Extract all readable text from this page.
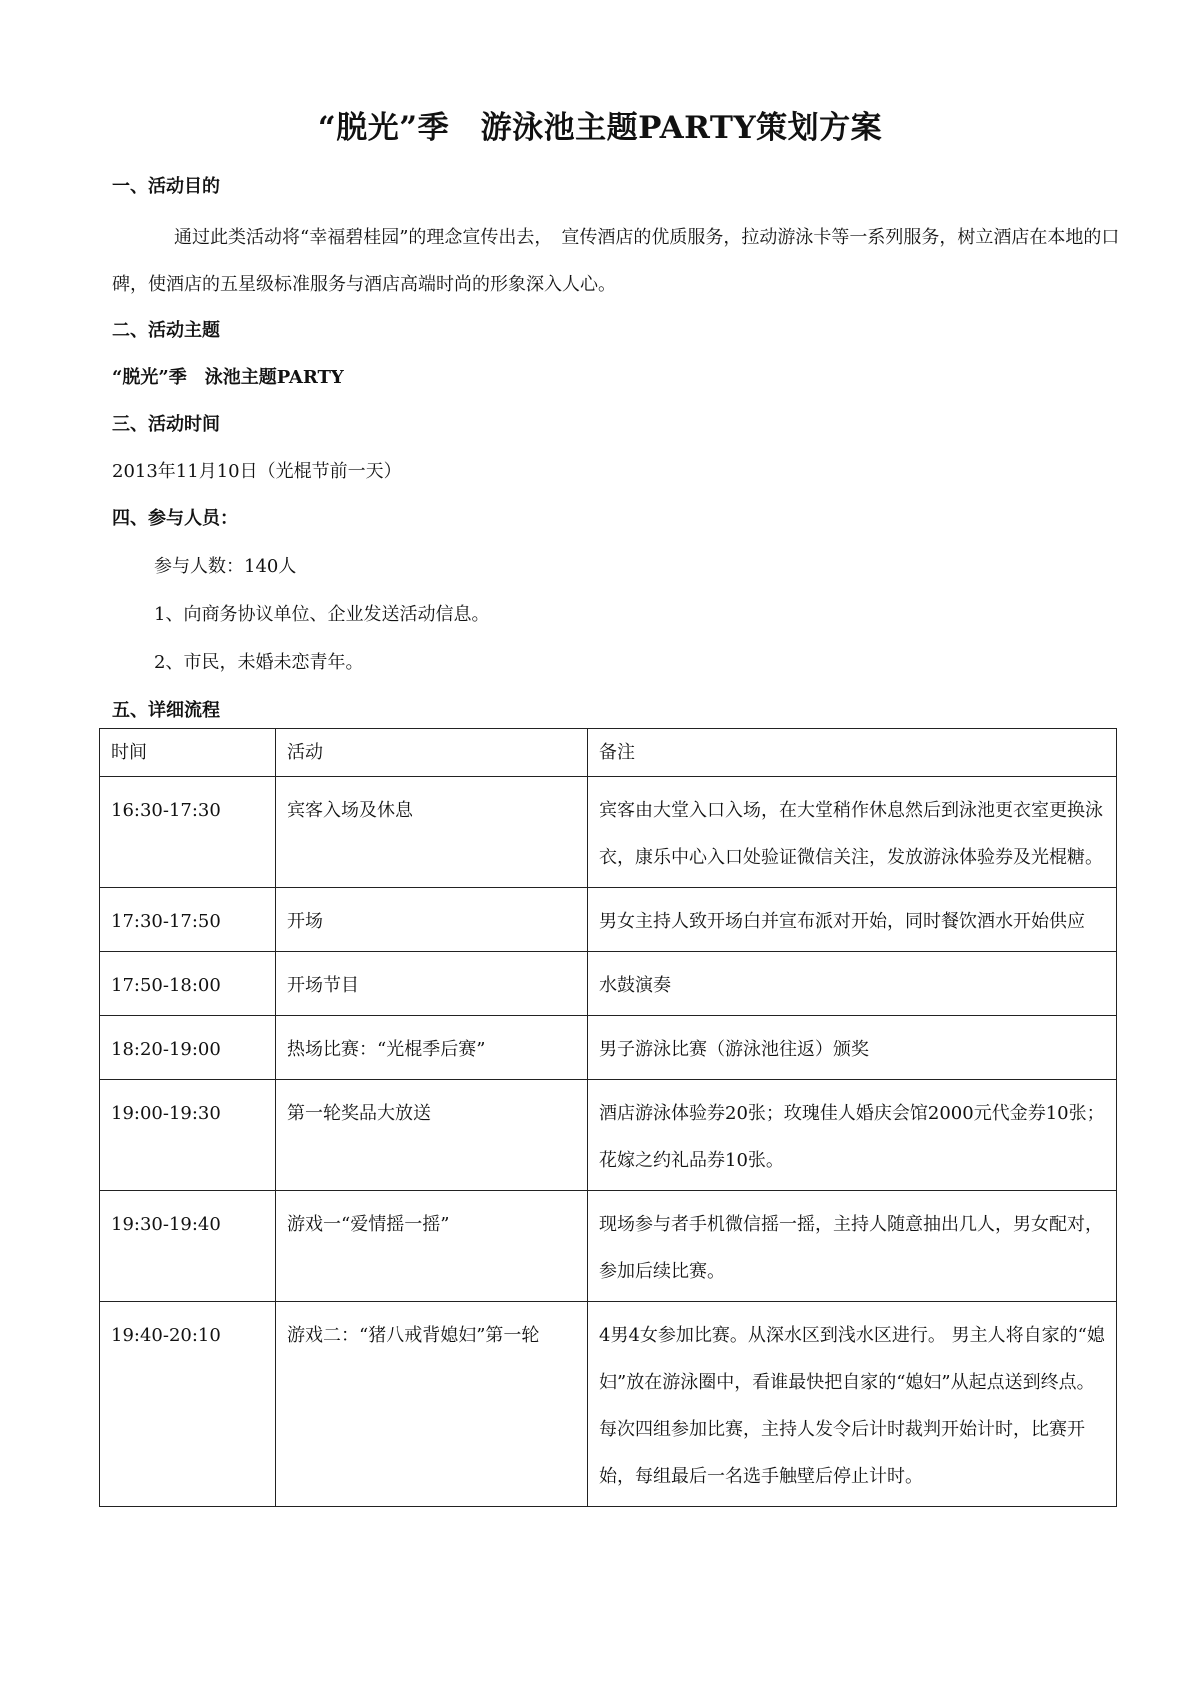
“脱光”季　游泳池主题PARTY策划方案
一、活动目的
通过此类活动将“幸福碧桂园”的理念宣传出去，　宣传酒店的优质服务，拉动游泳卡等一系列服务，树立酒店在本地的口碑，使酒店的五星级标准服务与酒店高端时尚的形象深入人心。
二、活动主题
“脱光”季　泳池主题PARTY
三、活动时间
2013年11月10日（光棍节前一天）
四、参与人员：
参与人数：140人
1、向商务协议单位、企业发送活动信息。
2、市民，未婚未恋青年。
五、详细流程
时间	活动	备注
16:30-17:30	宾客入场及休息	宾客由大堂入口入场，在大堂稍作休息然后到泳池更衣室更换泳衣，康乐中心入口处验证微信关注，发放游泳体验券及光棍糖。
17:30-17:50	开场	男女主持人致开场白并宣布派对开始，同时餐饮酒水开始供应
17:50-18:00	开场节目	水鼓演奏
18:20-19:00	热场比赛：“光棍季后赛”	男子游泳比赛（游泳池往返）颁奖
19:00-19:30	第一轮奖品大放送	酒店游泳体验券20张；玫瑰佳人婚庆会馆2000元代金券10张；花嫁之约礼品券10张。
19:30-19:40	游戏一“爱情摇一摇”	现场参与者手机微信摇一摇，主持人随意抽出几人，男女配对，参加后续比赛。
19:40-20:10	游戏二：“猪八戒背媳妇”第一轮	4男4女参加比赛。从深水区到浅水区进行。 男主人将自家的“媳妇”放在游泳圈中，看谁最快把自家的“媳妇”从起点送到终点。每次四组参加比赛，主持人发令后计时裁判开始计时，比赛开始，每组最后一名选手触壁后停止计时。
